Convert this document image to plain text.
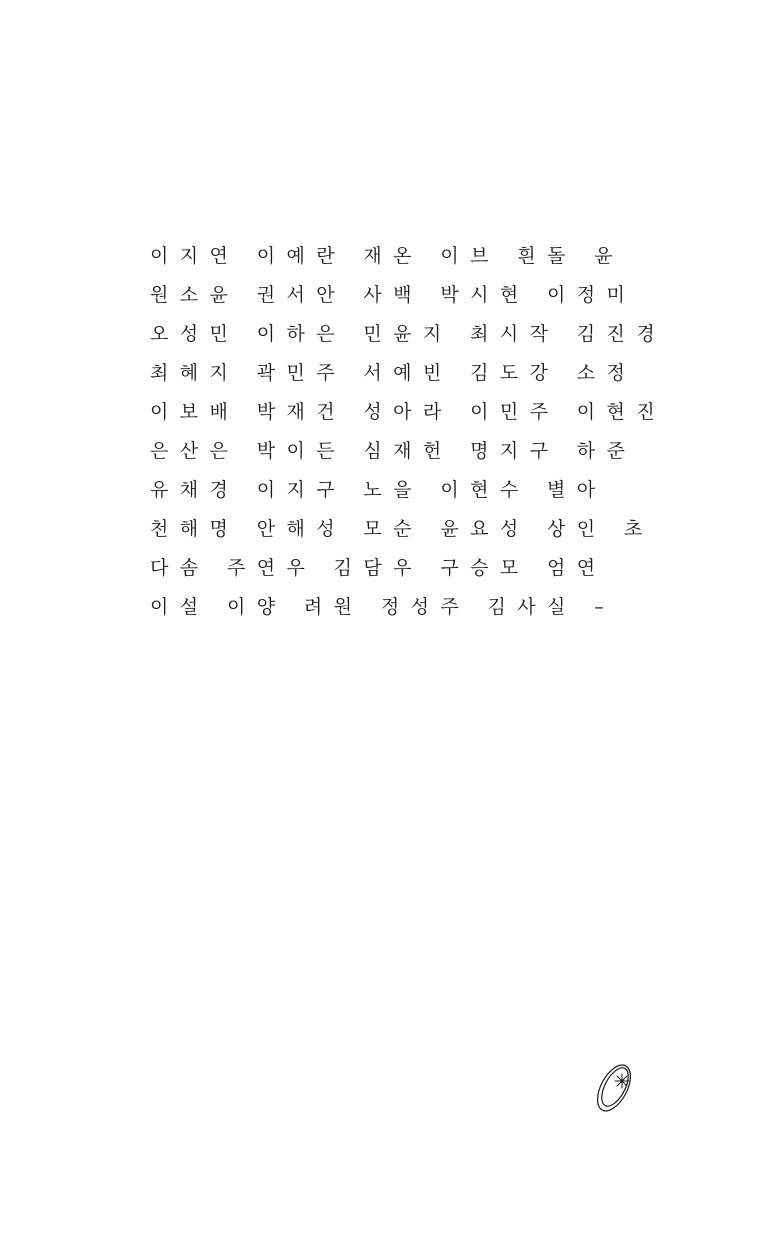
이지연 이예란 재온 이브 흰돌 윤
원소윤 권서안 사백 박시현 이정미
오성민 이하은 민윤지 최시작 김진경
최혜지 곽민주 서예빈 김도강 소정
이보배 박재건 성아라 이민주 이현진
은산은 박이든 심재헌 명지구 하준
유채경 이지구 노을 이현수 별아
천해명 안해성 모순 윤요성 상인 초
다솜 주연우 김담우 구승모 엄연
이설 이양 려원 정성주 김사실 –
